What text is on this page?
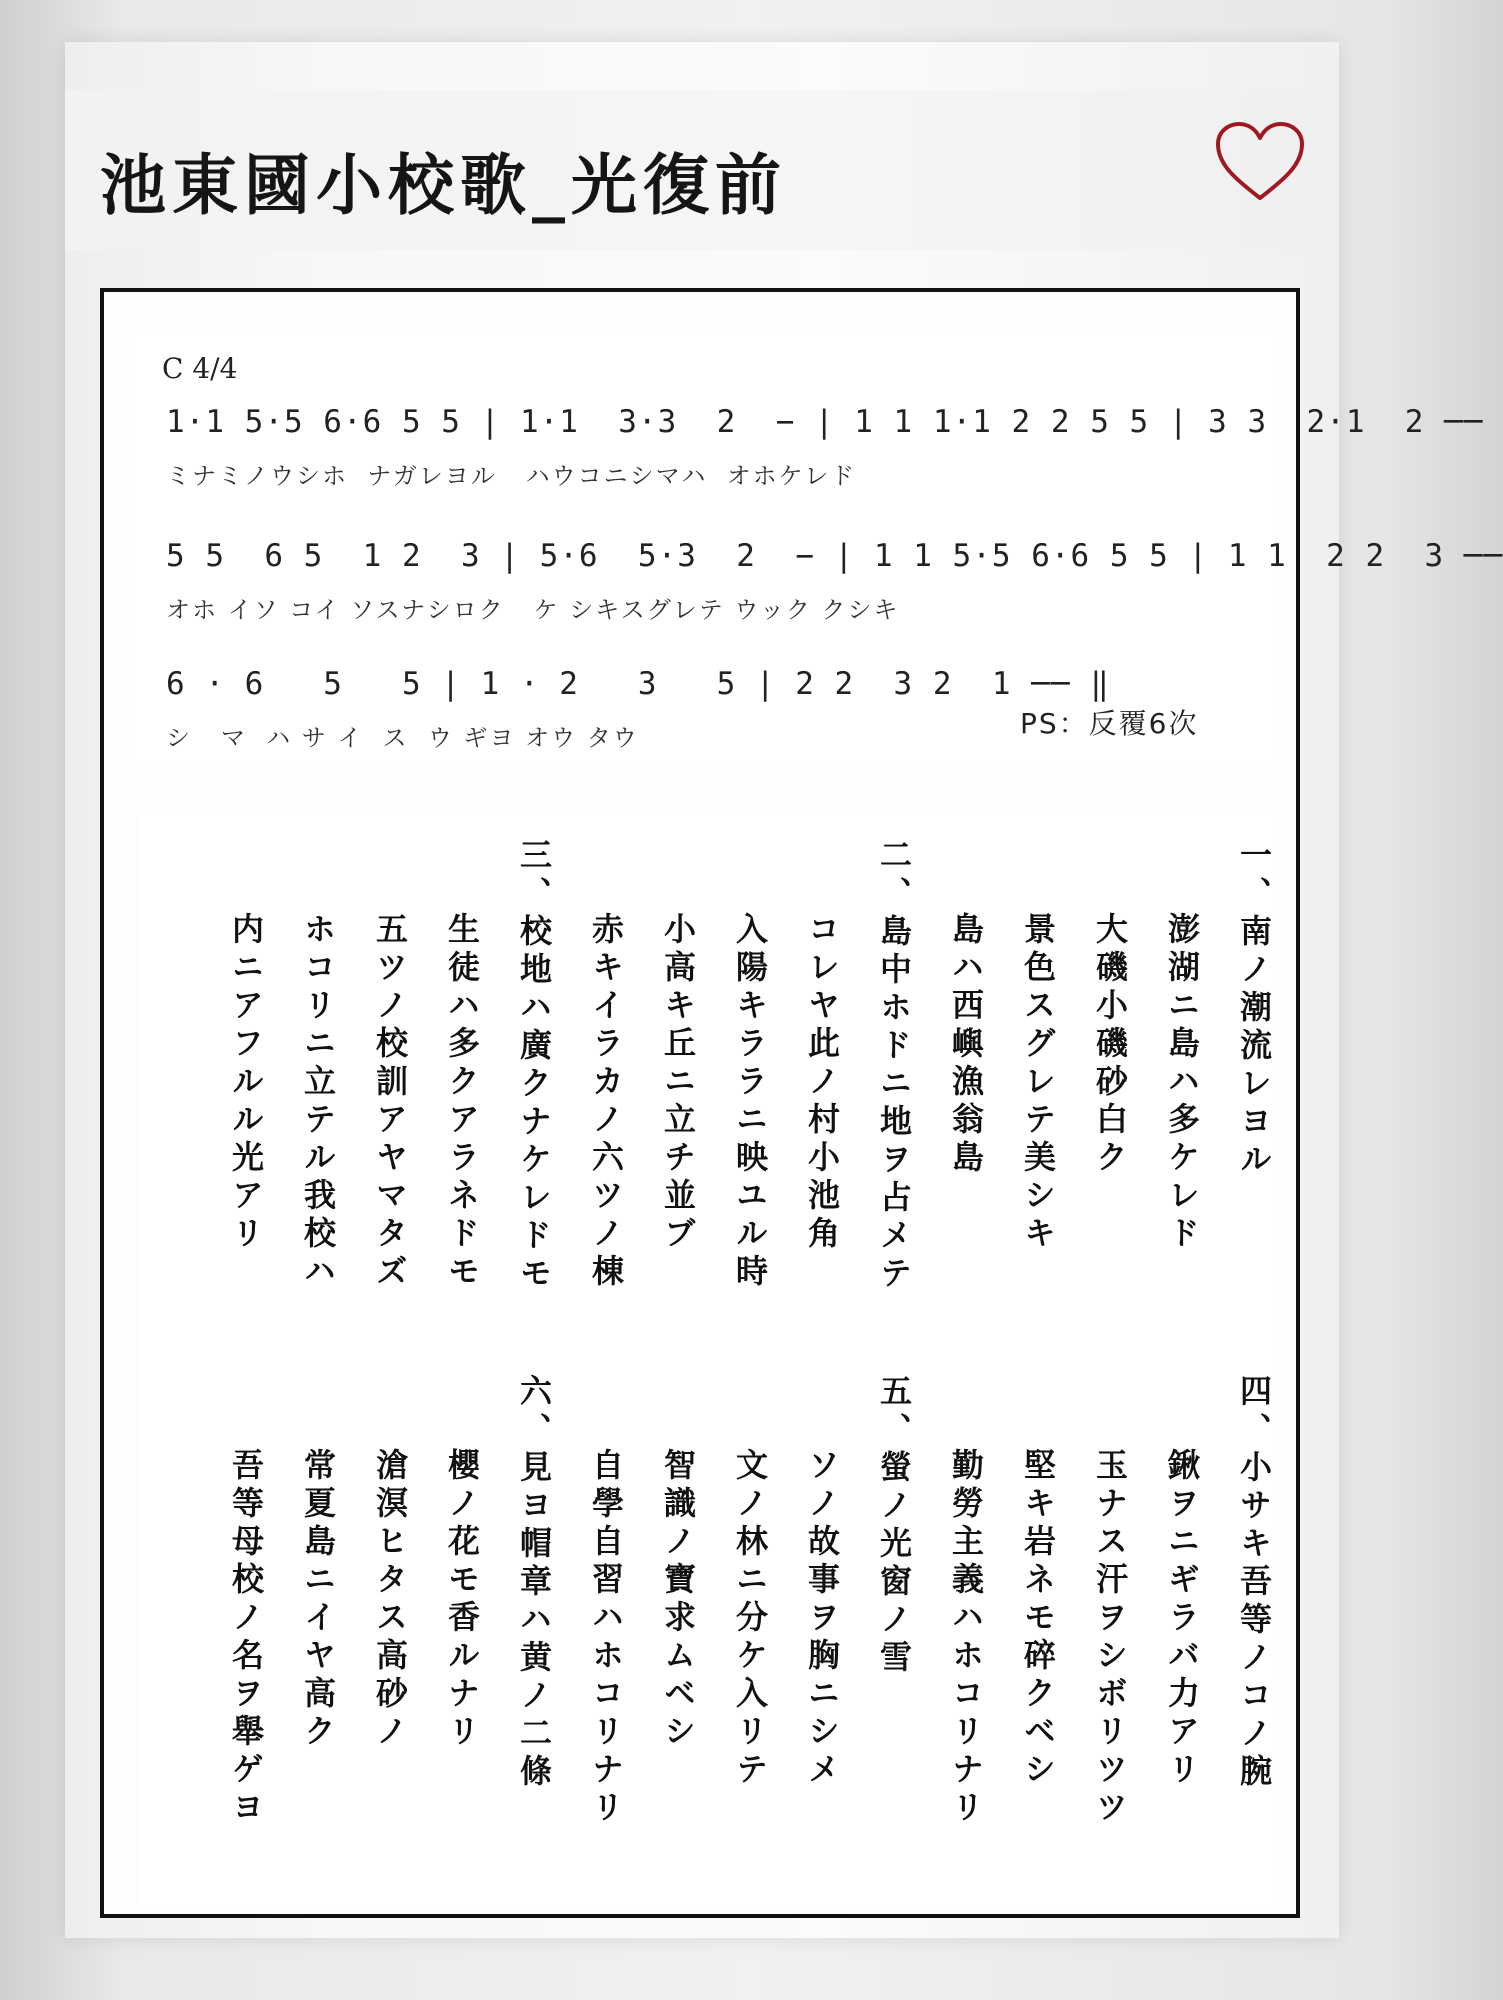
池東國小校歌_光復前
C 4/4
1·1 5·5 6·6 5 5 | 1·1  3·3  2  − | 1 1 1·1 2 2 5 5 | 3 3  2·1  2 ──
ミナミノウシホ  ナガレヨル   ハウコニシマハ  オホケレド
5 5  6 5  1 2  3 | 5·6  5·3  2  − | 1 1 5·5 6·6 5 5 | 1 1  2 2  3 ──
オホ イソ コイ ソスナシロク   ケ シキスグレテ ウック クシキ
6 · 6   5   5 | 1 · 2   3   5 | 2 2  3 2  1 ── ‖
シ   マ  ハ サ イ  ス  ウ ギヨ オウ タウ	PS：反覆6次
一、南ノ潮流レヨル
澎湖ニ島ハ多ケレド
大磯小磯砂白ク
景色スグレテ美シキ
島ハ西嶼漁翁島
二、島中ホドニ地ヲ占メテ
コレヤ此ノ村小池角
入陽キララニ映ユル時
小高キ丘ニ立チ並ブ
赤キイラカノ六ツノ棟
三、校地ハ廣クナケレドモ
生徒ハ多クアラネドモ
五ツノ校訓アヤマタズ
ホコリニ立テル我校ハ
内ニアフルル光アリ
四、小サキ吾等ノコノ腕
鍬ヲニギラバ力アリ
玉ナス汗ヲシボリツツ
堅キ岩ネモ碎クベシ
勤勞主義ハホコリナリ
五、螢ノ光窗ノ雪
ソノ故事ヲ胸ニシメ
文ノ林ニ分ケ入リテ
智識ノ寶求ムベシ
自學自習ハホコリナリ
六、見ヨ帽章ハ黄ノ二條
櫻ノ花モ香ルナリ
滄溟ヒタス高砂ノ
常夏島ニイヤ高ク
吾等母校ノ名ヲ舉ゲヨ
